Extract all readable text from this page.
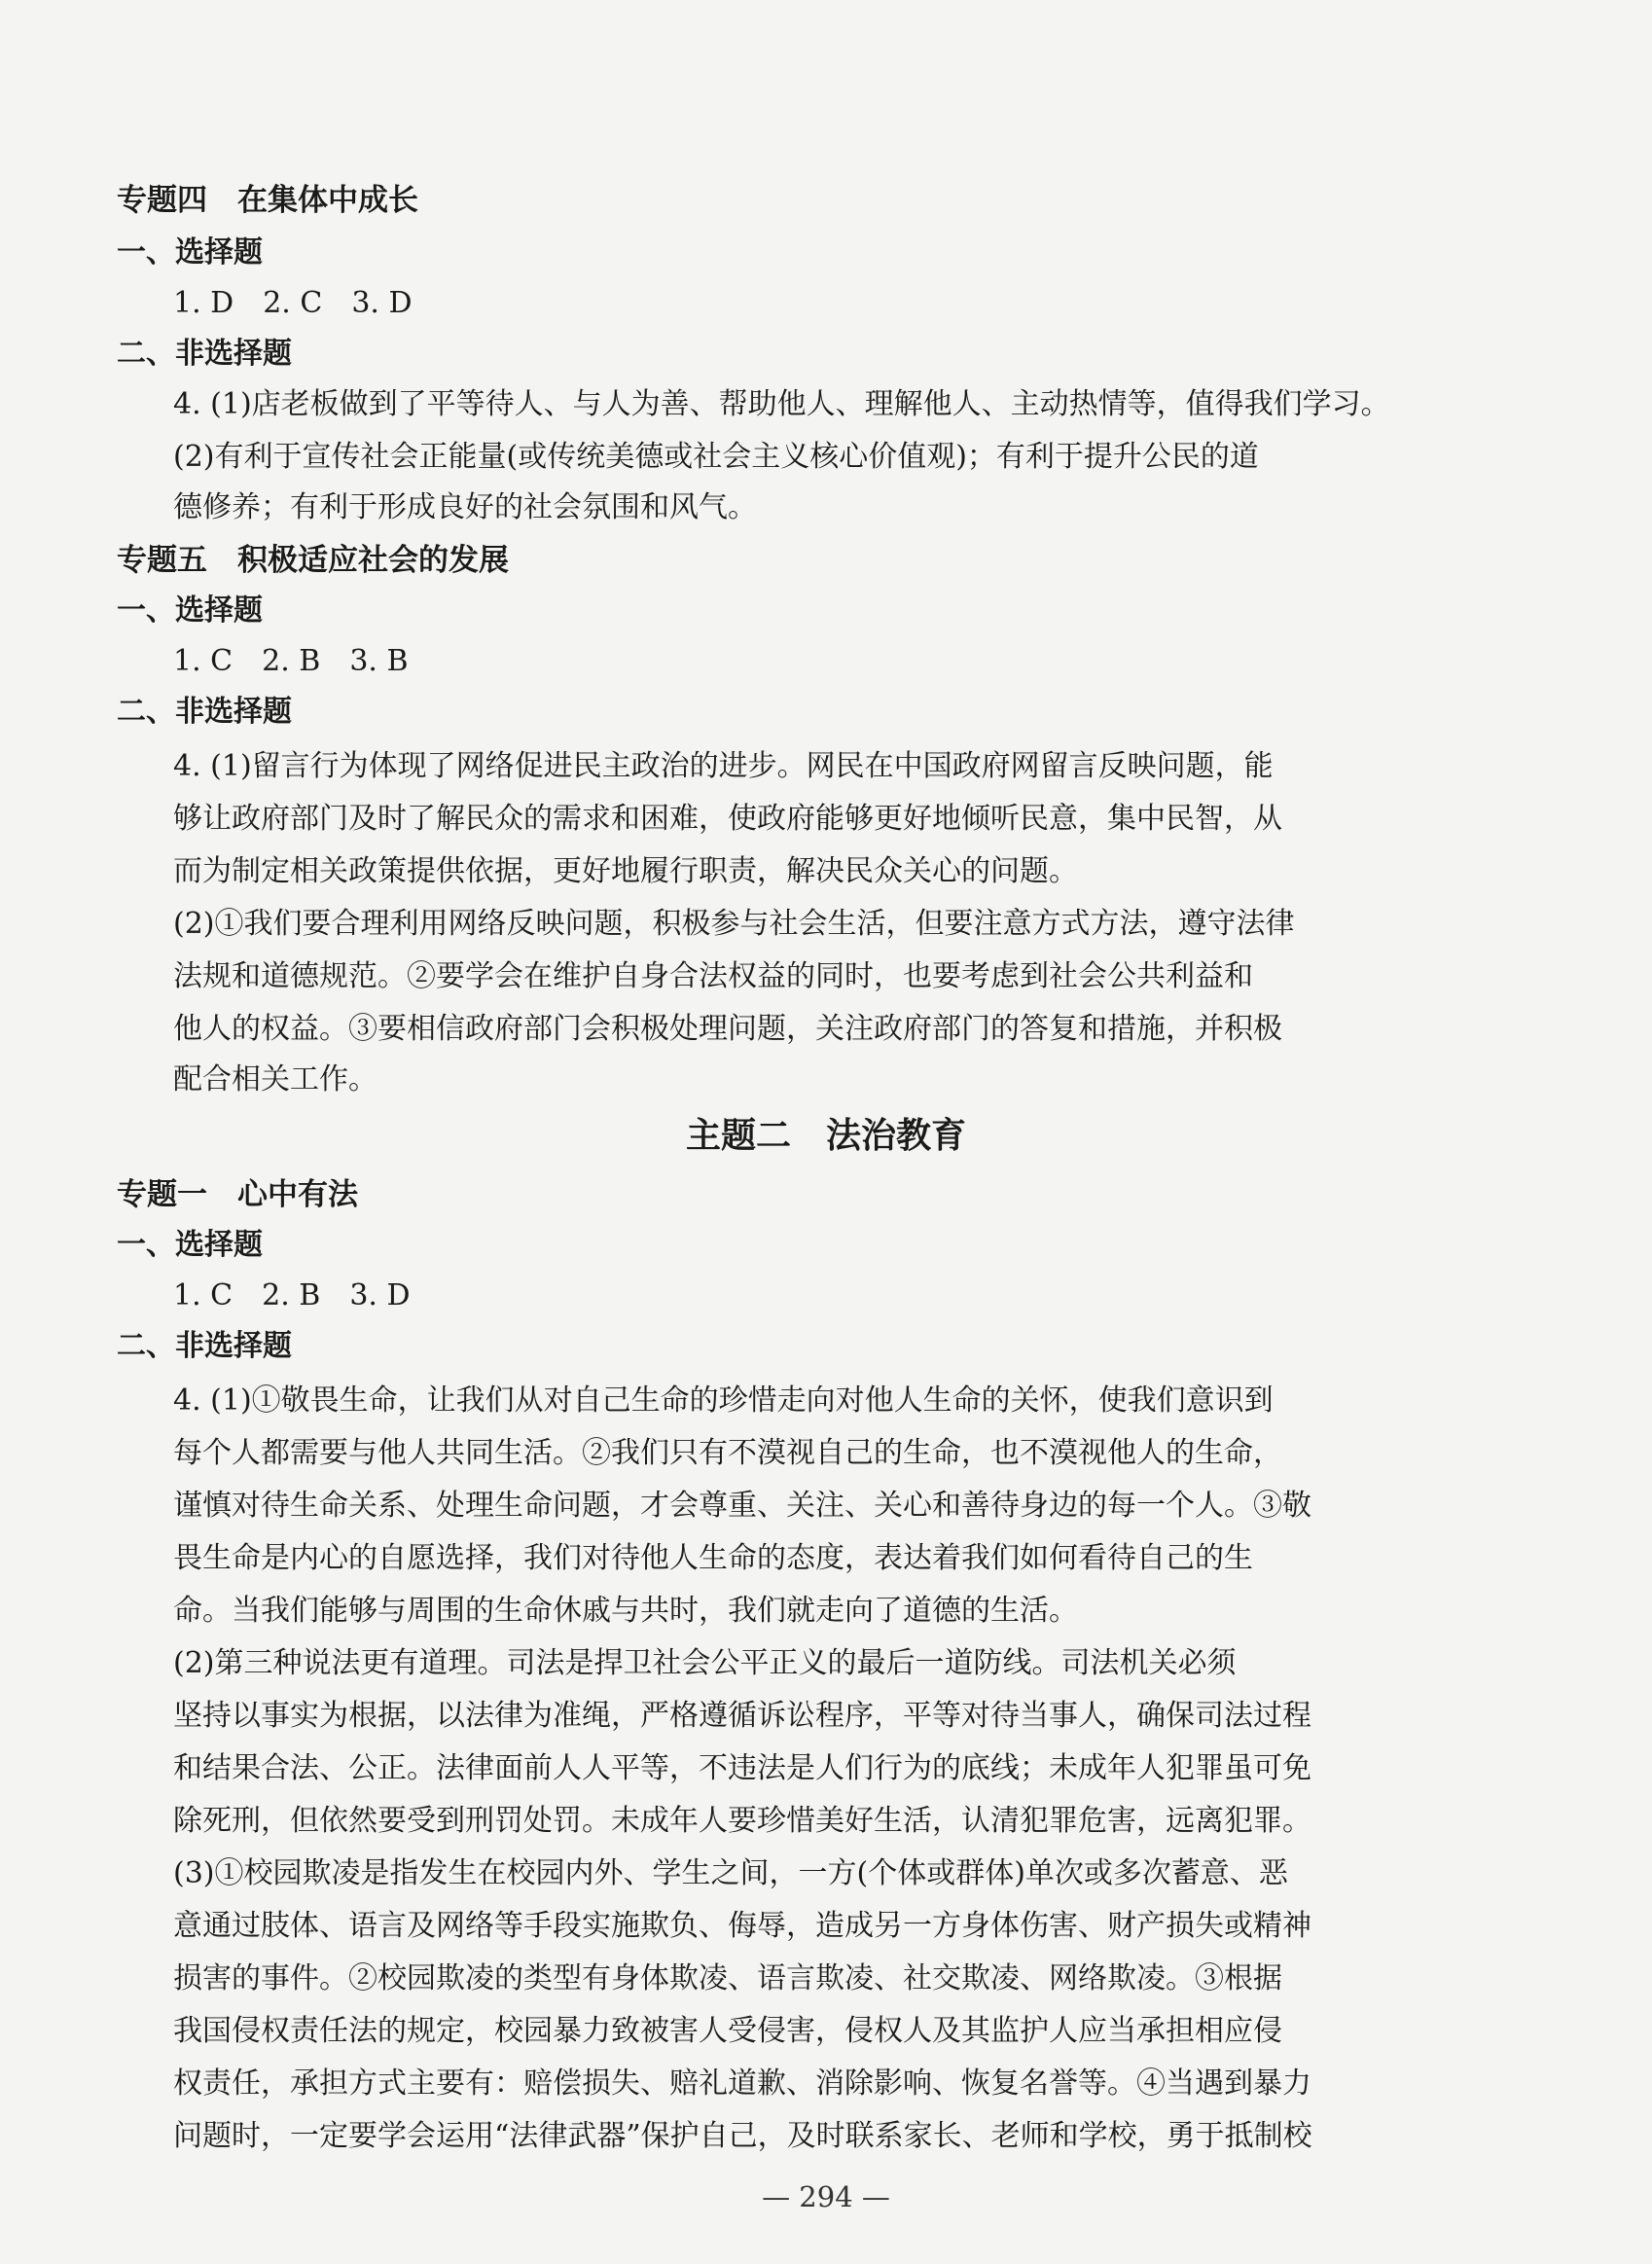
专题四　在集体中成长
一、选择题
1. D　2. C　3. D
二、非选择题
4. (1)店老板做到了平等待人、与人为善、帮助他人、理解他人、主动热情等，值得我们学习。
(2)有利于宣传社会正能量(或传统美德或社会主义核心价值观)；有利于提升公民的道
德修养；有利于形成良好的社会氛围和风气。
专题五　积极适应社会的发展
一、选择题
1. C　2. B　3. B
二、非选择题
4. (1)留言行为体现了网络促进民主政治的进步。网民在中国政府网留言反映问题，能
够让政府部门及时了解民众的需求和困难，使政府能够更好地倾听民意，集中民智，从
而为制定相关政策提供依据，更好地履行职责，解决民众关心的问题。
(2)①我们要合理利用网络反映问题，积极参与社会生活，但要注意方式方法，遵守法律
法规和道德规范。②要学会在维护自身合法权益的同时，也要考虑到社会公共利益和
他人的权益。③要相信政府部门会积极处理问题，关注政府部门的答复和措施，并积极
配合相关工作。
主题二　法治教育
专题一　心中有法
一、选择题
1. C　2. B　3. D
二、非选择题
4. (1)①敬畏生命，让我们从对自己生命的珍惜走向对他人生命的关怀，使我们意识到
每个人都需要与他人共同生活。②我们只有不漠视自己的生命，也不漠视他人的生命，
谨慎对待生命关系、处理生命问题，才会尊重、关注、关心和善待身边的每一个人。③敬
畏生命是内心的自愿选择，我们对待他人生命的态度，表达着我们如何看待自己的生
命。当我们能够与周围的生命休戚与共时，我们就走向了道德的生活。
(2)第三种说法更有道理。司法是捍卫社会公平正义的最后一道防线。司法机关必须
坚持以事实为根据，以法律为准绳，严格遵循诉讼程序，平等对待当事人，确保司法过程
和结果合法、公正。法律面前人人平等，不违法是人们行为的底线；未成年人犯罪虽可免
除死刑，但依然要受到刑罚处罚。未成年人要珍惜美好生活，认清犯罪危害，远离犯罪。
(3)①校园欺凌是指发生在校园内外、学生之间，一方(个体或群体)单次或多次蓄意、恶
意通过肢体、语言及网络等手段实施欺负、侮辱，造成另一方身体伤害、财产损失或精神
损害的事件。②校园欺凌的类型有身体欺凌、语言欺凌、社交欺凌、网络欺凌。③根据
我国侵权责任法的规定，校园暴力致被害人受侵害，侵权人及其监护人应当承担相应侵
权责任，承担方式主要有：赔偿损失、赔礼道歉、消除影响、恢复名誉等。④当遇到暴力
问题时，一定要学会运用“法律武器”保护自己，及时联系家长、老师和学校，勇于抵制校
— 294 —
